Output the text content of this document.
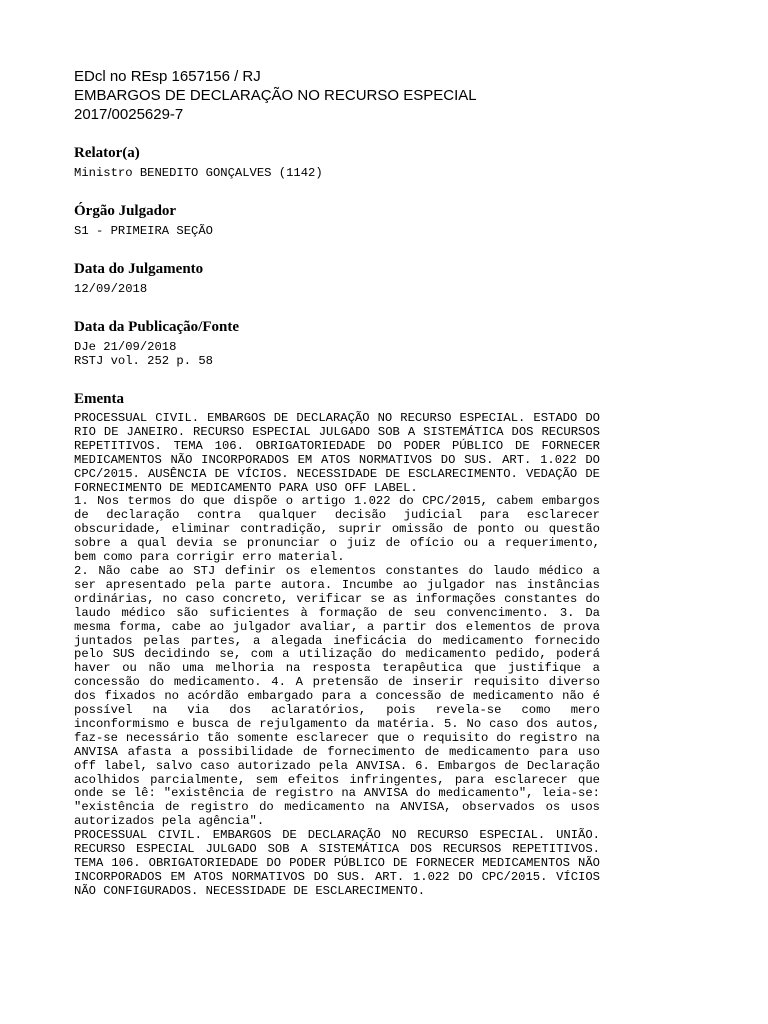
EDcl no REsp 1657156 / RJ
EMBARGOS DE DECLARAÇÃO NO RECURSO ESPECIAL
2017/0025629-7
Relator(a)
Ministro BENEDITO GONÇALVES (1142)
Órgão Julgador
S1 - PRIMEIRA SEÇÃO
Data do Julgamento
12/09/2018
Data da Publicação/Fonte
DJe 21/09/2018
RSTJ vol. 252 p. 58
Ementa

PROCESSUAL CIVIL. EMBARGOS DE DECLARAÇÃO NO RECURSO ESPECIAL. ESTADO DO RIO DE JANEIRO. RECURSO ESPECIAL JULGADO SOB A SISTEMÁTICA DOS RECURSOS REPETITIVOS. TEMA 106. OBRIGATORIEDADE DO PODER PÚBLICO DE FORNECER MEDICAMENTOS NÃO INCORPORADOS EM ATOS NORMATIVOS DO SUS. ART. 1.022 DO CPC/2015. AUSÊNCIA DE VÍCIOS. NECESSIDADE DE ESCLARECIMENTO. VEDAÇÃO DE FORNECIMENTO DE MEDICAMENTO PARA USO OFF LABEL.

1. Nos termos do que dispõe o artigo 1.022 do CPC/2015, cabem embargos de declaração contra qualquer decisão judicial para esclarecer obscuridade, eliminar contradição, suprir omissão de ponto ou questão sobre a qual devia se pronunciar o juiz de ofício ou a requerimento, bem como para corrigir erro material.

2. Não cabe ao STJ definir os elementos constantes do laudo médico a ser apresentado pela parte autora. Incumbe ao julgador nas instâncias ordinárias, no caso concreto, verificar se as informações constantes do laudo médico são suficientes à formação de seu convencimento. 3. Da mesma forma, cabe ao julgador avaliar, a partir dos elementos de prova juntados pelas partes, a alegada ineficácia do medicamento fornecido pelo SUS decidindo se, com a utilização do medicamento pedido, poderá haver ou não uma melhoria na resposta terapêutica que justifique a concessão do medicamento. 4. A pretensão de inserir requisito diverso dos fixados no acórdão embargado para a concessão de medicamento não é possível na via dos aclaratórios, pois revela-se como mero inconformismo e busca de rejulgamento da matéria. 5. No caso dos autos, faz-se necessário tão somente esclarecer que o requisito do registro na ANVISA afasta a possibilidade de fornecimento de medicamento para uso off label, salvo caso autorizado pela ANVISA. 6. Embargos de Declaração acolhidos parcialmente, sem efeitos infringentes, para esclarecer que onde se lê: "existência de registro na ANVISA do medicamento", leia-se: "existência de registro do medicamento na ANVISA, observados os usos autorizados pela agência".

PROCESSUAL CIVIL. EMBARGOS DE DECLARAÇÃO NO RECURSO ESPECIAL. UNIÃO. RECURSO ESPECIAL JULGADO SOB A SISTEMÁTICA DOS RECURSOS REPETITIVOS. TEMA 106. OBRIGATORIEDADE DO PODER PÚBLICO DE FORNECER MEDICAMENTOS NÃO INCORPORADOS EM ATOS NORMATIVOS DO SUS. ART. 1.022 DO CPC/2015. VÍCIOS NÃO CONFIGURADOS. NECESSIDADE DE ESCLARECIMENTO.
